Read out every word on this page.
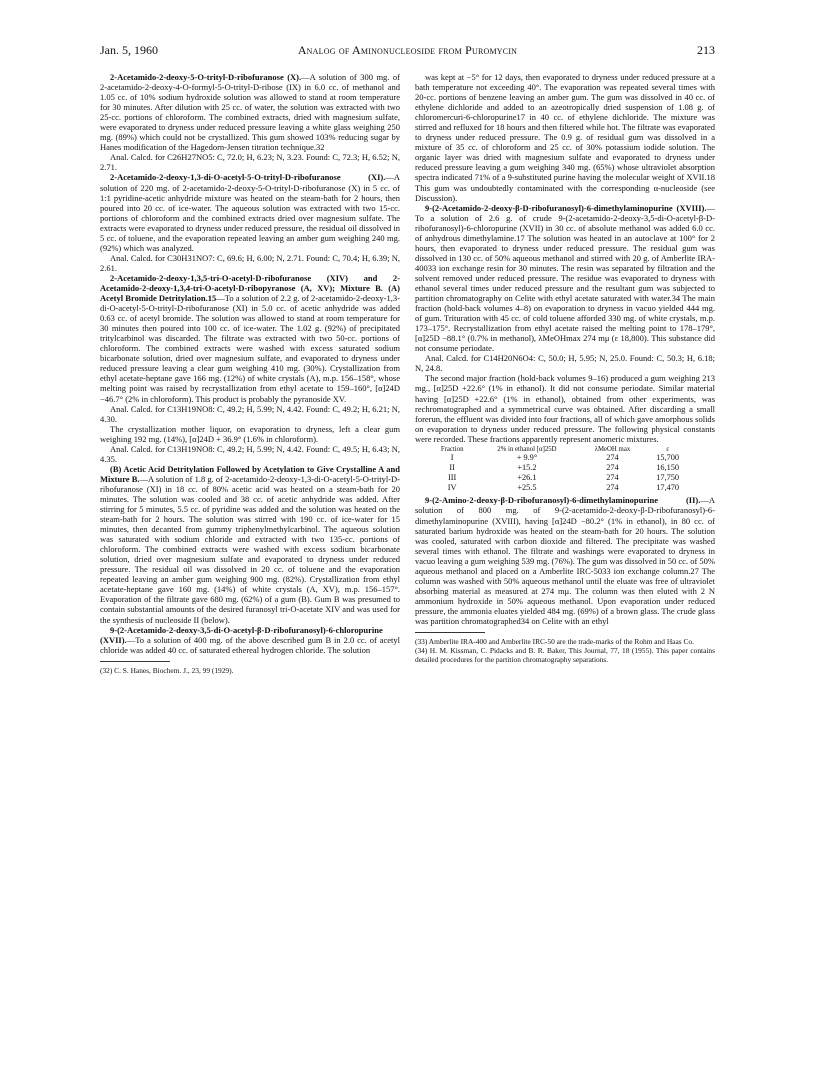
Jan. 5, 1960	Analog of Aminonucleoside from Puromycin	213

2-Acetamido-2-deoxy-5-O-trityl-D-ribofuranose (X).—A solution of 300 mg. of 2-acetamido-2-deoxy-4-O-formyl-5-O-trityl-D-ribose (IX) in 6.0 cc. of methanol and 1.05 cc. of 10% sodium hydroxide solution was allowed to stand at room temperature for 30 minutes. After dilution with 25 cc. of water, the solution was extracted with two 25-cc. portions of chloroform. The combined extracts, dried with magnesium sulfate, were evaporated to dryness under reduced pressure leaving a white glass weighing 250 mg. (89%) which could not be crystallized. This gum showed 103% reducing sugar by Hanes modification of the Hagedorn-Jensen titration technique.32

Anal. Calcd. for C26H27NO5: C, 72.0; H, 6.23; N, 3.23. Found: C, 72.3; H, 6.52; N, 2.71.

2-Acetamido-2-deoxy-1,3-di-O-acetyl-5-O-trityl-D-ribofuranose (XI).—A solution of 220 mg. of 2-acetamido-2-deoxy-5-O-trityl-D-ribofuranose (X) in 5 cc. of 1:1 pyridine-acetic anhydride mixture was heated on the steam-bath for 2 hours, then poured into 20 cc. of ice-water. The aqueous solution was extracted with two 15-cc. portions of chloroform and the combined extracts dried over magnesium sulfate. The extracts were evaporated to dryness under reduced pressure, the residual oil dissolved in 5 cc. of toluene, and the evaporation repeated leaving an amber gum weighing 240 mg. (92%) which was analyzed.

Anal. Calcd. for C30H31NO7: C, 69.6; H, 6.00; N, 2.71. Found: C, 70.4; H, 6.39; N, 2.61.

2-Acetamido-2-deoxy-1,3,5-tri-O-acetyl-D-ribofuranose (XIV) and 2-Acetamido-2-deoxy-1,3,4-tri-O-acetyl-D-ribopyranose (A, XV); Mixture B. (A) Acetyl Bromide Detritylation.15—To a solution of 2.2 g. of 2-acetamido-2-deoxy-1,3-di-O-acetyl-5-O-trityl-D-ribofuranose (XI) in 5.0 cc. of acetic anhydride was added 0.63 cc. of acetyl bromide. The solution was allowed to stand at room temperature for 30 minutes then poured into 100 cc. of ice-water. The 1.02 g. (92%) of precipitated tritylcarbinol was discarded. The filtrate was extracted with two 50-cc. portions of chloroform. The combined extracts were washed with excess saturated sodium bicarbonate solution, dried over magnesium sulfate, and evaporated to dryness under reduced pressure leaving a clear gum weighing 410 mg. (30%). Crystallization from ethyl acetate-heptane gave 166 mg. (12%) of white crystals (A), m.p. 156–158°, whose melting point was raised by recrystallization from ethyl acetate to 159–160°, [α]24D −46.7° (2% in chloroform). This product is probably the pyranoside XV.

Anal. Calcd. for C13H19NO8: C, 49.2; H, 5.99; N, 4.42. Found: C, 49.2; H, 6.21; N, 4.30.

The crystallization mother liquor, on evaporation to dryness, left a clear gum weighing 192 mg. (14%), [α]24D + 36.9° (1.6% in chloroform).

Anal. Calcd. for C13H19NO8: C, 49.2; H, 5.99; N, 4.42. Found: C, 49.5; H, 6.43; N, 4.35.

(B) Acetic Acid Detritylation Followed by Acetylation to Give Crystalline A and Mixture B.—A solution of 1.8 g. of 2-acetamido-2-deoxy-1,3-di-O-acetyl-5-O-trityl-D-ribofuranose (XI) in 18 cc. of 80% acetic acid was heated on a steam-bath for 20 minutes. The solution was cooled and 38 cc. of acetic anhydride was added. After stirring for 5 minutes, 5.5 cc. of pyridine was added and the solution was heated on the steam-bath for 2 hours. The solution was stirred with 190 cc. of ice-water for 15 minutes, then decanted from gummy triphenylmethylcarbinol. The aqueous solution was saturated with sodium chloride and extracted with two 135-cc. portions of chloroform. The combined extracts were washed with excess sodium bicarbonate solution, dried over magnesium sulfate and evaporated to dryness under reduced pressure. The residual oil was dissolved in 20 cc. of toluene and the evaporation repeated leaving an amber gum weighing 900 mg. (82%). Crystallization from ethyl acetate-heptane gave 160 mg. (14%) of white crystals (A, XV), m.p. 156–157°. Evaporation of the filtrate gave 680 mg. (62%) of a gum (B). Gum B was presumed to contain substantial amounts of the desired furanosyl tri-O-acetate XIV and was used for the synthesis of nucleoside II (below).

9-(2-Acetamido-2-deoxy-3,5-di-O-acetyl-β-D-ribofuranosyl)-6-chloropurine (XVII).—To a solution of 400 mg. of the above described gum B in 2.0 cc. of acetyl chloride was added 40 cc. of saturated ethereal hydrogen chloride. The solution

(32) C. S. Hanes, Biochem. J., 23, 99 (1929).

was kept at −5° for 12 days, then evaporated to dryness under reduced pressure at a bath temperature not exceeding 40°. The evaporation was repeated several times with 20-cc. portions of benzene leaving an amber gum. The gum was dissolved in 40 cc. of ethylene dichloride and added to an azeotropically dried suspension of 1.08 g. of chloromercuri-6-chloropurine17 in 40 cc. of ethylene dichloride. The mixture was stirred and refluxed for 18 hours and then filtered while hot. The filtrate was evaporated to dryness under reduced pressure. The 0.9 g. of residual gum was dissolved in a mixture of 35 cc. of chloroform and 25 cc. of 30% potassium iodide solution. The organic layer was dried with magnesium sulfate and evaporated to dryness under reduced pressure leaving a gum weighing 340 mg. (65%) whose ultraviolet absorption spectra indicated 71% of a 9-substituted purine having the molecular weight of XVII.18 This gum was undoubtedly contaminated with the corresponding α-nucleoside (see Discussion).

9-(2-Acetamido-2-deoxy-β-D-ribofuranosyl)-6-dimethylaminopurine (XVIII).—To a solution of 2.6 g. of crude 9-(2-acetamido-2-deoxy-3,5-di-O-acetyl-β-D-ribofuranosyl)-6-chloropurine (XVII) in 30 cc. of absolute methanol was added 6.0 cc. of anhydrous dimethylamine.17 The solution was heated in an autoclave at 100° for 2 hours, then evaporated to dryness under reduced pressure. The residual gum was dissolved in 130 cc. of 50% aqueous methanol and stirred with 20 g. of Amberlite IRA-40033 ion exchange resin for 30 minutes. The resin was separated by filtration and the solvent removed under reduced pressure. The residue was evaporated to dryness with ethanol several times under reduced pressure and the resultant gum was subjected to partition chromatography on Celite with ethyl acetate saturated with water.34 The main fraction (hold-back volumes 4–8) on evaporation to dryness in vacuo yielded 444 mg. of gum. Trituration with 45 cc. of cold toluene afforded 330 mg. of white crystals, m.p. 173–175°. Recrystallization from ethyl acetate raised the melting point to 178–179°, [α]25D −88.1° (0.7% in methanol), λMeOHmax 274 mμ (ε 18,800). This substance did not consume periodate.

Anal. Calcd. for C14H20N6O4: C, 50.0; H, 5.95; N, 25.0. Found: C, 50.3; H, 6.18; N, 24.8.

The second major fraction (hold-back volumes 9–16) produced a gum weighing 213 mg., [α]25D +22.6° (1% in ethanol). It did not consume periodate. Similar material having [α]25D +22.6° (1% in ethanol), obtained from other experiments, was rechromatographed and a symmetrical curve was obtained. After discarding a small forerun, the effluent was divided into four fractions, all of which gave amorphous solids on evaporation to dryness under reduced pressure. The following physical constants were recorded. These fractions apparently represent anomeric mixtures.

Fraction	2% in ethanol [α]25D	λMeOH max	ε
I	+ 9.9°	274	15,700
II	+15.2	274	16,150
III	+26.1	274	17,750
IV	+25.5	274	17,470

9-(2-Amino-2-deoxy-β-D-ribofuranosyl)-6-dimethylaminopurine (II).—A solution of 800 mg. of 9-(2-acetamido-2-deoxy-β-D-ribofuranosyl)-6-dimethylaminopurine (XVIII), having [α]24D −80.2° (1% in ethanol), in 80 cc. of saturated barium hydroxide was heated on the steam-bath for 20 hours. The solution was cooled, saturated with carbon dioxide and filtered. The precipitate was washed several times with ethanol. The filtrate and washings were evaporated to dryness in vacuo leaving a gum weighing 539 mg. (76%). The gum was dissolved in 50 cc. of 50% aqueous methanol and placed on a Amberlite IRC-5033 ion exchange column.27 The column was washed with 50% aqueous methanol until the eluate was free of ultraviolet absorbing material as measured at 274 mμ. The column was then eluted with 2 N ammonium hydroxide in 50% aqueous methanol. Upon evaporation under reduced pressure, the ammonia eluates yielded 484 mg. (69%) of a brown glass. The crude glass was partition chromatographed34 on Celite with an ethyl

(33) Amberlite IRA-400 and Amberlite IRC-50 are the trade-marks of the Rohm and Haas Co.
(34) H. M. Kissman, C. Pidacks and B. R. Baker, This Journal, 77, 18 (1955). This paper contains detailed procedures for the partition chromatography separations.
